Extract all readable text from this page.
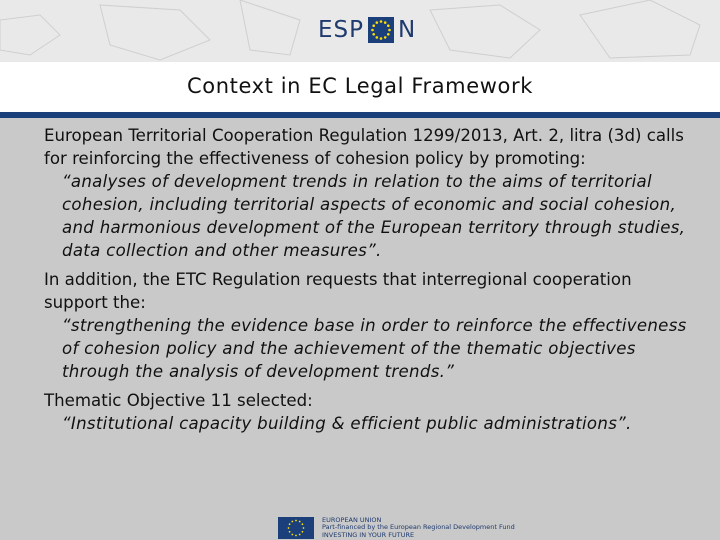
ESP N
Context in EC Legal Framework

European Territorial Cooperation Regulation 1299/2013, Art. 2, litra (3d) calls for reinforcing the effectiveness of cohesion policy by promoting:

“analyses of development trends in relation to the aims of territorial cohesion, including territorial aspects of economic and social cohesion, and harmonious development of the European territory through studies, data collection and other measures”.

In addition, the ETC Regulation requests that interregional cooperation support the:

“strengthening the evidence base in order to reinforce the effectiveness of cohesion policy and the achievement of the thematic objectives through the analysis of development trends.”

Thematic Objective 11 selected:

“Institutional capacity building & efficient public administrations”.

EUROPEAN UNION
Part-financed by the European Regional Development Fund
INVESTING IN YOUR FUTURE
